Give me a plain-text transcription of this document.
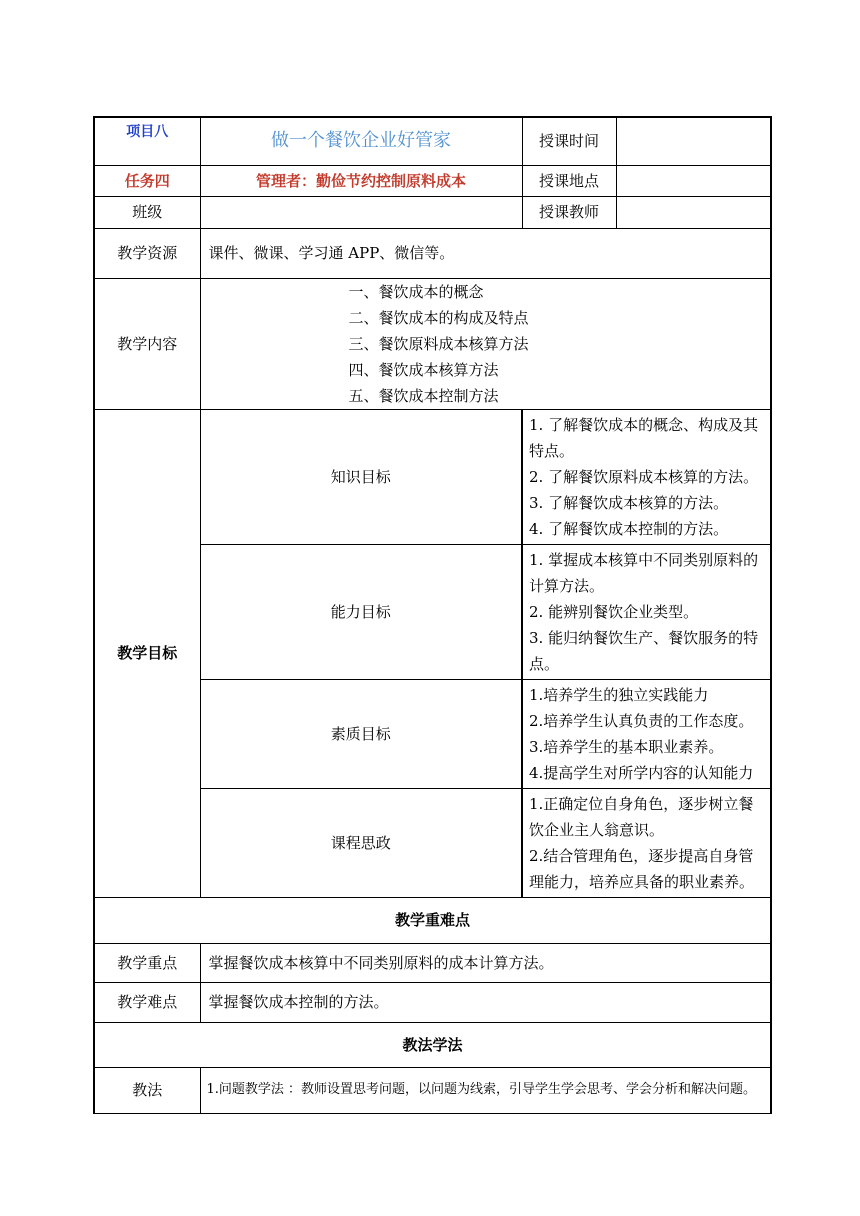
项目八	做一个餐饮企业好管家	授课时间	
任务四	管理者：勤俭节约控制原料成本	授课地点	
班级		授课教师	
教学资源	课件、微课、学习通 APP、微信等。		
教学内容	一、餐饮成本的概念
二、餐饮成本的构成及特点
三、餐饮原料成本核算方法
四、餐饮成本核算方法
五、餐饮成本控制方法		

教学目标	知识目标	1. 了解餐饮成本的概念、构成及其特点。
2. 了解餐饮原料成本核算的方法。
3. 了解餐饮成本核算的方法。
4. 了解餐饮成本控制的方法。	

	能力目标	1. 掌握成本核算中不同类别原料的计算方法。
2. 能辨别餐饮企业类型。
3. 能归纳餐饮生产、餐饮服务的特点。	

	素质目标	1.培养学生的独立实践能力
2.培养学生认真负责的工作态度。
3.培养学生的基本职业素养。
4.提高学生对所学内容的认知能力	

	课程思政	1.正确定位自身角色，逐步树立餐饮企业主人翁意识。
2.结合管理角色，逐步提高自身管理能力，培养应具备的职业素养。	

教学重难点			
教学重点	掌握餐饮成本核算中不同类别原料的成本计算方法。		
教学难点	掌握餐饮成本控制的方法。		
教法学法			
教法	1.问题教学法 ：教师设置思考问题，以问题为线索，引导学生学会思考、学会分析和解决问题。		
